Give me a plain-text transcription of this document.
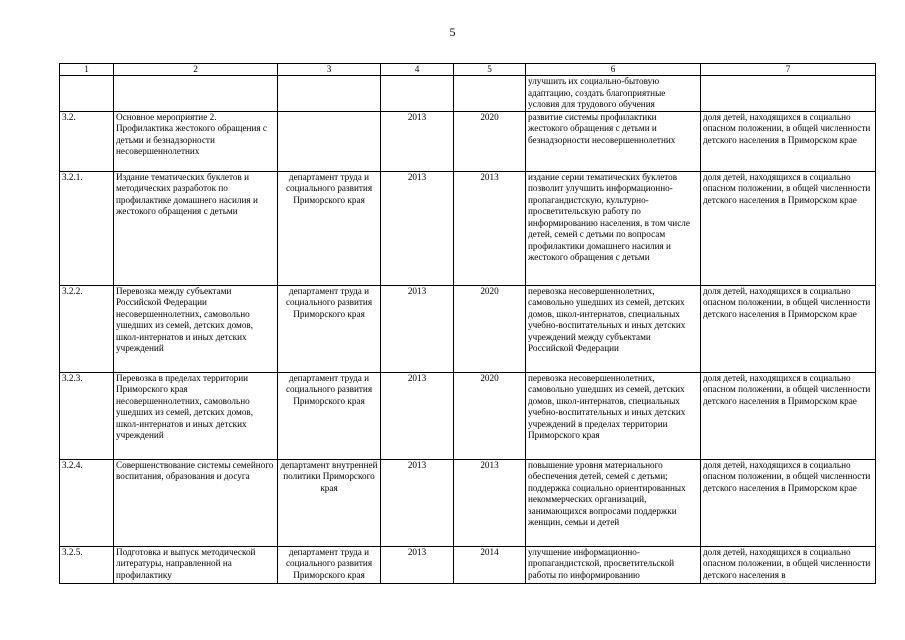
5
1	2	3	4	5	6	7
					улучшить их социально-бытовую адаптацию, создать благоприятные условия для трудового обучения	
3.2.	Основное мероприятие 2. Профилактика жестокого обращения с детьми и безнадзорности несовершеннолетних		2013	2020	развитие системы профилактики жестокого обращения с детьми и безнадзорности несовершеннолетних	доля детей, находящихся в социально опасном положении, в общей численности детского населения в Приморском крае
3.2.1.	Издание тематических буклетов и методических разработок по профилактике домашнего насилия и жестокого обращения с детьми	департамент труда и социального развития Приморского края	2013	2013	издание серии тематических буклетов позволит улучшить информационно-пропагандистскую, культурно-просветительскую работу по информированию населения, в том числе детей, семей с детьми по вопросам профилактики домашнего насилия и жестокого обращения с детьми	доля детей, находящихся в социально опасном положении, в общей численности детского населения в Приморском крае
3.2.2.	Перевозка между субъектами Российской Федерации несовершеннолетних, самовольно ушедших из семей, детских домов, школ-интернатов и иных детских учреждений	департамент труда и социального развития Приморского края	2013	2020	перевозка несовершеннолетних, самовольно ушедших из семей, детских домов, школ-интернатов, специальных учебно-воспитательных и иных детских учреждений между субъектами Российской Федерации	доля детей, находящихся в социально опасном положении, в общей численности детского населения в Приморском крае
3.2.3.	Перевозка в пределах территории Приморского края несовершеннолетних, самовольно ушедших из семей, детских домов, школ-интернатов и иных детских учреждений	департамент труда и социального развития Приморского края	2013	2020	перевозка несовершеннолетних, самовольно ушедших из семей, детских домов, школ-интернатов, специальных учебно-воспитательных и иных детских учреждений в пределах территории Приморского края	доля детей, находящихся в социально опасном положении, в общей численности детского населения в Приморском крае
3.2.4.	Совершенствование системы семейного воспитания, образования и досуга	департамент внутренней политики Приморского края	2013	2013	повышение уровня материального обеспечения детей, семей с детьми; поддержка социально ориентированных некоммерческих организаций, занимающихся вопросами поддержки женщин, семьи и детей	доля детей, находящихся в социально опасном положении, в общей численности детского населения в Приморском крае
3.2.5.	Подготовка и выпуск методической литературы, направленной на профилактику	департамент труда и социального развития Приморского края	2013	2014	улучшение информационно-пропагандистской, просветительской работы по информированию	доля детей, находящихся в социально опасном положении, в общей численности детского населения в
